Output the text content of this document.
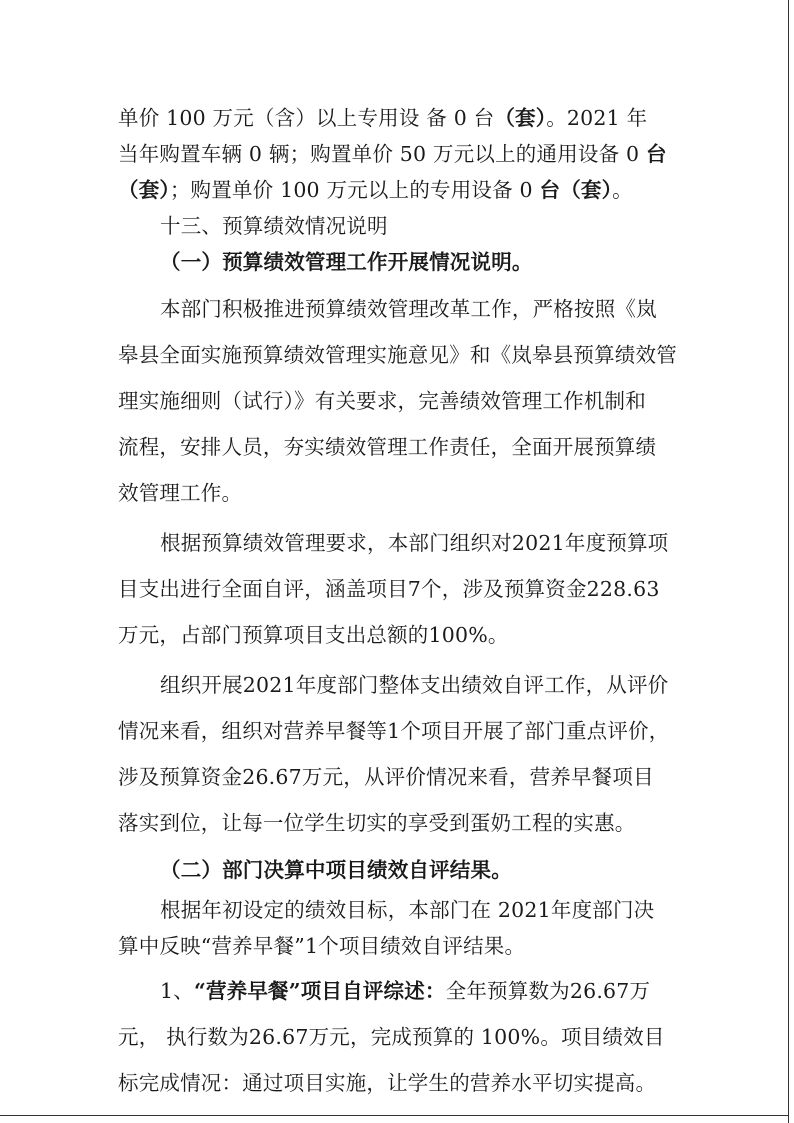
单价 100 万元（含）以上专用设 备 0 台（套）。2021 年
当年购置车辆 0 辆；购置单价 50 万元以上的通用设备 0 台
（套）；购置单价 100 万元以上的专用设备 0 台（套）。
十三、预算绩效情况说明
（一）预算绩效管理工作开展情况说明。
本部门积极推进预算绩效管理改革工作，严格按照《岚
皋县全面实施预算绩效管理实施意见》和《岚皋县预算绩效管
理实施细则（试行）》有关要求，完善绩效管理工作机制和
流程，安排人员，夯实绩效管理工作责任，全面开展预算绩
效管理工作。
根据预算绩效管理要求，本部门组织对2021年度预算项
目支出进行全面自评，涵盖项目7个，涉及预算资金228.63
万元，占部门预算项目支出总额的100%。
组织开展2021年度部门整体支出绩效自评工作，从评价
情况来看，组织对营养早餐等1个项目开展了部门重点评价，
涉及预算资金26.67万元，从评价情况来看，营养早餐项目
落实到位，让每一位学生切实的享受到蛋奶工程的实惠。
（二）部门决算中项目绩效自评结果。
根据年初设定的绩效目标，本部门在 2021年度部门决
算中反映“营养早餐”1个项目绩效自评结果。
1、“营养早餐”项目自评综述：全年预算数为26.67万
元， 执行数为26.67万元，完成预算的 100%。项目绩效目
标完成情况：通过项目实施，让学生的营养水平切实提高。
